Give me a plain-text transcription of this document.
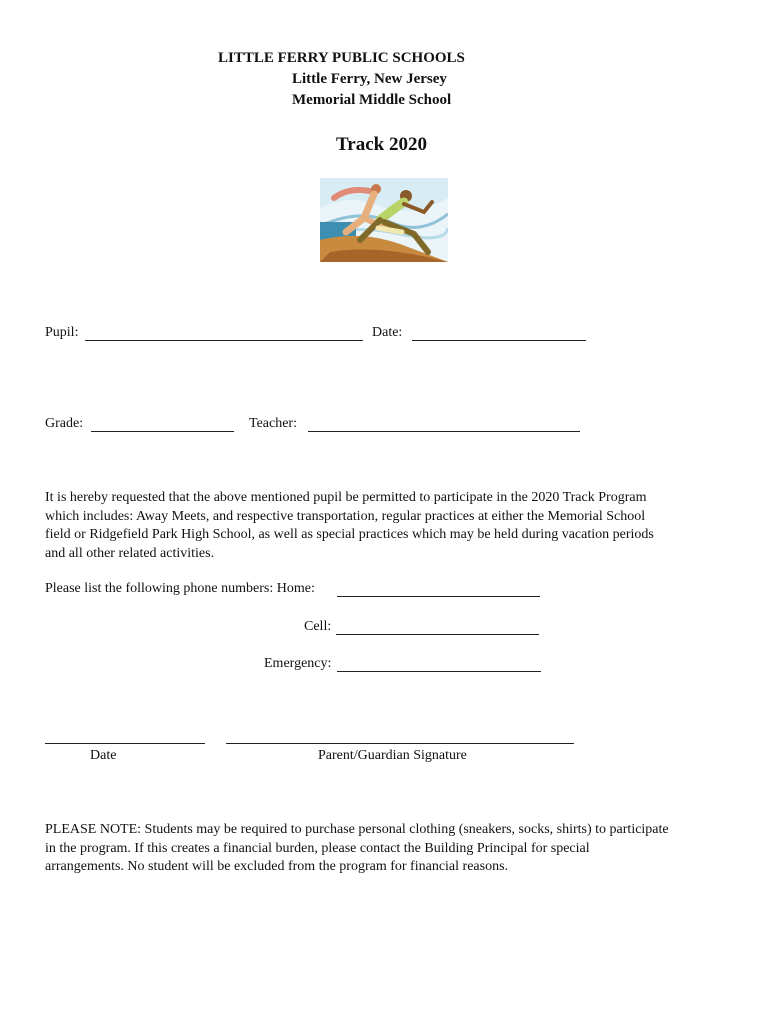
LITTLE FERRY PUBLIC SCHOOLS
Little Ferry, New Jersey
Memorial Middle School
Track 2020
Pupil:	Date:
Grade:	Teacher:
It is hereby requested that the above mentioned pupil be permitted to participate in the 2020 Track Program
which includes: Away Meets, and respective transportation, regular practices at either the Memorial School
field or Ridgefield Park High School, as well as special practices which may be held during vacation periods
and all other related activities.
Please list the following phone numbers: Home:
Cell:
Emergency:
Date	Parent/Guardian Signature
PLEASE NOTE: Students may be required to purchase personal clothing (sneakers, socks, shirts) to participate
in the program. If this creates a financial burden, please contact the Building Principal for special
arrangements. No student will be excluded from the program for financial reasons.
